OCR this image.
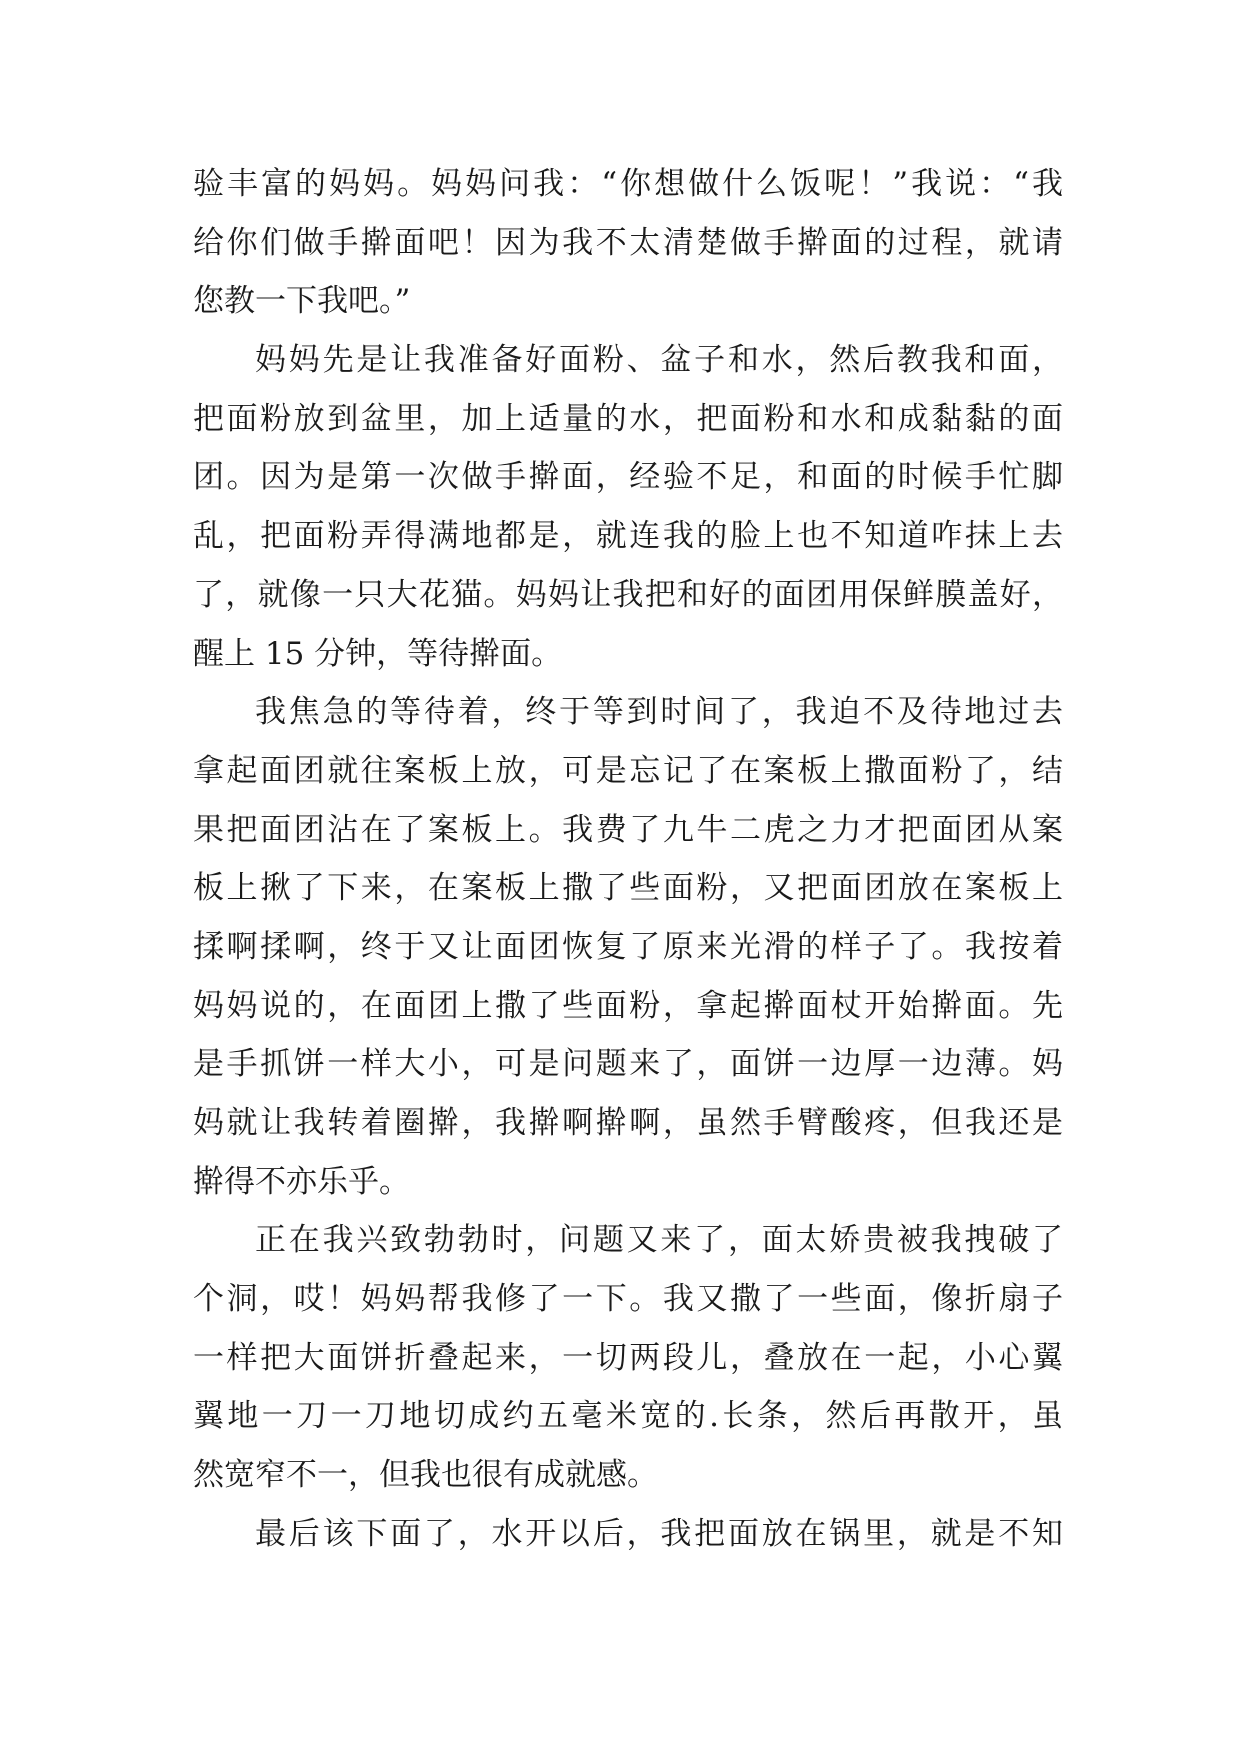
验丰富的妈妈。妈妈问我：“你想做什么饭呢！”我说：“我
给你们做手擀面吧！因为我不太清楚做手擀面的过程，就请
您教一下我吧。”
妈妈先是让我准备好面粉、盆子和水，然后教我和面，
把面粉放到盆里，加上适量的水，把面粉和水和成黏黏的面
团。因为是第一次做手擀面，经验不足，和面的时候手忙脚
乱，把面粉弄得满地都是，就连我的脸上也不知道咋抹上去
了，就像一只大花猫。妈妈让我把和好的面团用保鲜膜盖好，
醒上 15 分钟，等待擀面。
我焦急的等待着，终于等到时间了，我迫不及待地过去
拿起面团就往案板上放，可是忘记了在案板上撒面粉了，结
果把面团沾在了案板上。我费了九牛二虎之力才把面团从案
板上揪了下来，在案板上撒了些面粉，又把面团放在案板上
揉啊揉啊，终于又让面团恢复了原来光滑的样子了。我按着
妈妈说的，在面团上撒了些面粉，拿起擀面杖开始擀面。先
是手抓饼一样大小，可是问题来了，面饼一边厚一边薄。妈
妈就让我转着圈擀，我擀啊擀啊，虽然手臂酸疼，但我还是
擀得不亦乐乎。
正在我兴致勃勃时，问题又来了，面太娇贵被我拽破了
个洞，哎！妈妈帮我修了一下。我又撒了一些面，像折扇子
一样把大面饼折叠起来，一切两段儿，叠放在一起，小心翼
翼地一刀一刀地切成约五毫米宽的.长条，然后再散开，虽
然宽窄不一，但我也很有成就感。
最后该下面了，水开以后，我把面放在锅里，就是不知
